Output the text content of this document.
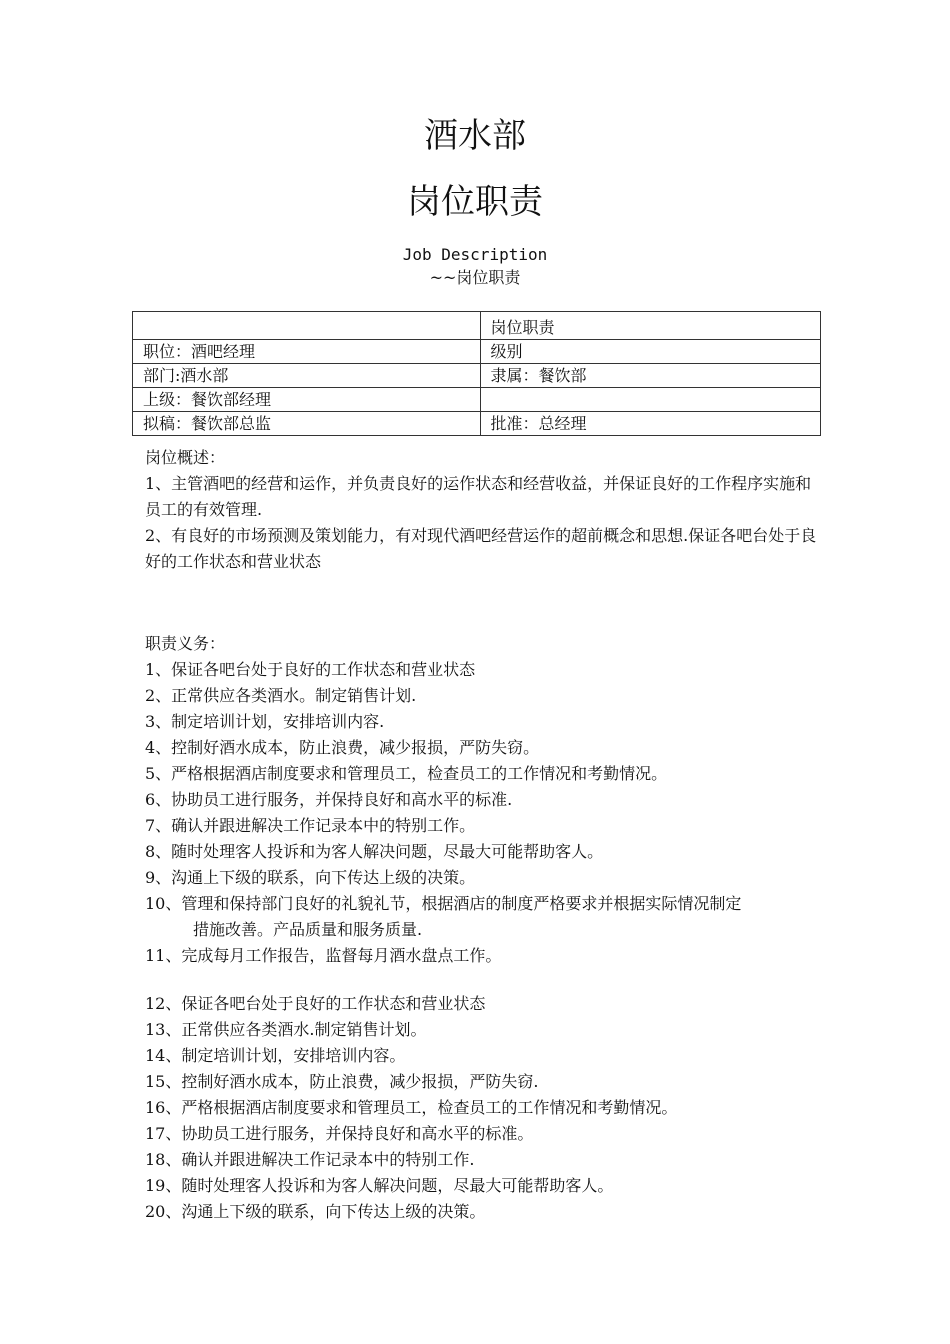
酒水部
岗位职责
Job Description
~~岗位职责
	岗位职责
职位：酒吧经理	级别
部门:酒水部	隶属：餐饮部
上级：餐饮部经理	
拟稿：餐饮部总监	批准：总经理
岗位概述：
1、主管酒吧的经营和运作，并负责良好的运作状态和经营收益，并保证良好的工作程序实施和员工的有效管理.
2、有良好的市场预测及策划能力，有对现代酒吧经营运作的超前概念和思想.保证各吧台处于良好的工作状态和营业状态
职责义务：
1、保证各吧台处于良好的工作状态和营业状态
2、正常供应各类酒水。制定销售计划.
3、制定培训计划，安排培训内容.
4、控制好酒水成本，防止浪费，减少报损，严防失窃。
5、严格根据酒店制度要求和管理员工，检查员工的工作情况和考勤情况。
6、协助员工进行服务，并保持良好和高水平的标准.
7、确认并跟进解决工作记录本中的特别工作。
8、随时处理客人投诉和为客人解决问题，尽最大可能帮助客人。
9、沟通上下级的联系，向下传达上级的决策。
10、管理和保持部门良好的礼貌礼节，根据酒店的制度严格要求并根据实际情况制定
措施改善。产品质量和服务质量.
11、完成每月工作报告，监督每月酒水盘点工作。
12、保证各吧台处于良好的工作状态和营业状态
13、正常供应各类酒水.制定销售计划。
14、制定培训计划，安排培训内容。
15、控制好酒水成本，防止浪费，减少报损，严防失窃.
16、严格根据酒店制度要求和管理员工，检查员工的工作情况和考勤情况。
17、协助员工进行服务，并保持良好和高水平的标准。
18、确认并跟进解决工作记录本中的特别工作.
19、随时处理客人投诉和为客人解决问题，尽最大可能帮助客人。
20、沟通上下级的联系，向下传达上级的决策。
